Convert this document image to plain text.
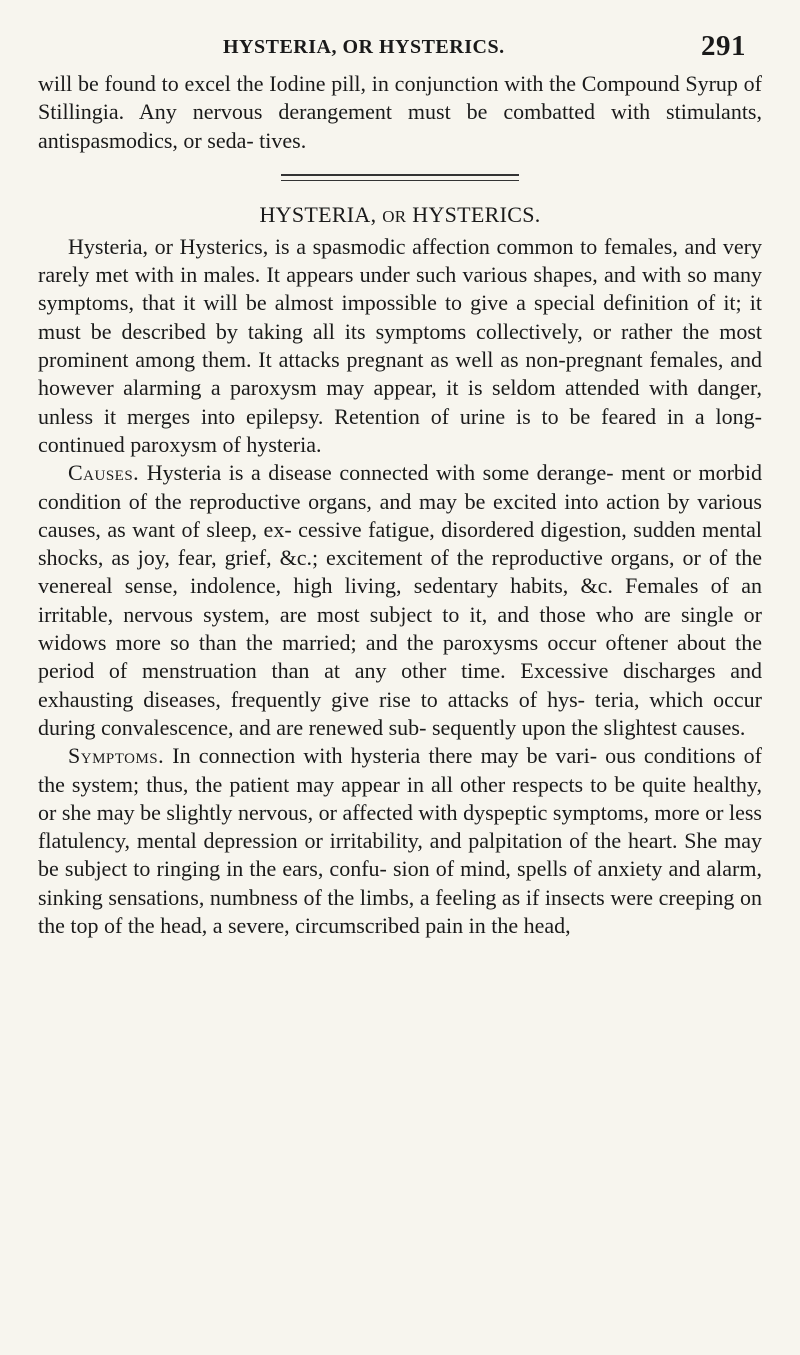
HYSTERIA, OR HYSTERICS.	291

will be found to excel the Iodine pill, in conjunction with the Compound Syrup of Stillingia. Any nervous derangement must be combatted with stimulants, antispasmodics, or seda- tives.

HYSTERIA, OR HYSTERICS.

Hysteria, or Hysterics, is a spasmodic affection common to females, and very rarely met with in males. It appears under such various shapes, and with so many symptoms, that it will be almost impossible to give a special definition of it; it must be described by taking all its symptoms collectively, or rather the most prominent among them. It attacks pregnant as well as non-pregnant females, and however alarming a paroxysm may appear, it is seldom attended with danger, unless it merges into epilepsy. Retention of urine is to be feared in a long- continued paroxysm of hysteria.

Causes. Hysteria is a disease connected with some derange- ment or morbid condition of the reproductive organs, and may be excited into action by various causes, as want of sleep, ex- cessive fatigue, disordered digestion, sudden mental shocks, as joy, fear, grief, &c.; excitement of the reproductive organs, or of the venereal sense, indolence, high living, sedentary habits, &c. Females of an irritable, nervous system, are most subject to it, and those who are single or widows more so than the married; and the paroxysms occur oftener about the period of menstruation than at any other time. Excessive discharges and exhausting diseases, frequently give rise to attacks of hys- teria, which occur during convalescence, and are renewed sub- sequently upon the slightest causes.

Symptoms. In connection with hysteria there may be vari- ous conditions of the system; thus, the patient may appear in all other respects to be quite healthy, or she may be slightly nervous, or affected with dyspeptic symptoms, more or less flatulency, mental depression or irritability, and palpitation of the heart. She may be subject to ringing in the ears, confu- sion of mind, spells of anxiety and alarm, sinking sensations, numbness of the limbs, a feeling as if insects were creeping on the top of the head, a severe, circumscribed pain in the head,
